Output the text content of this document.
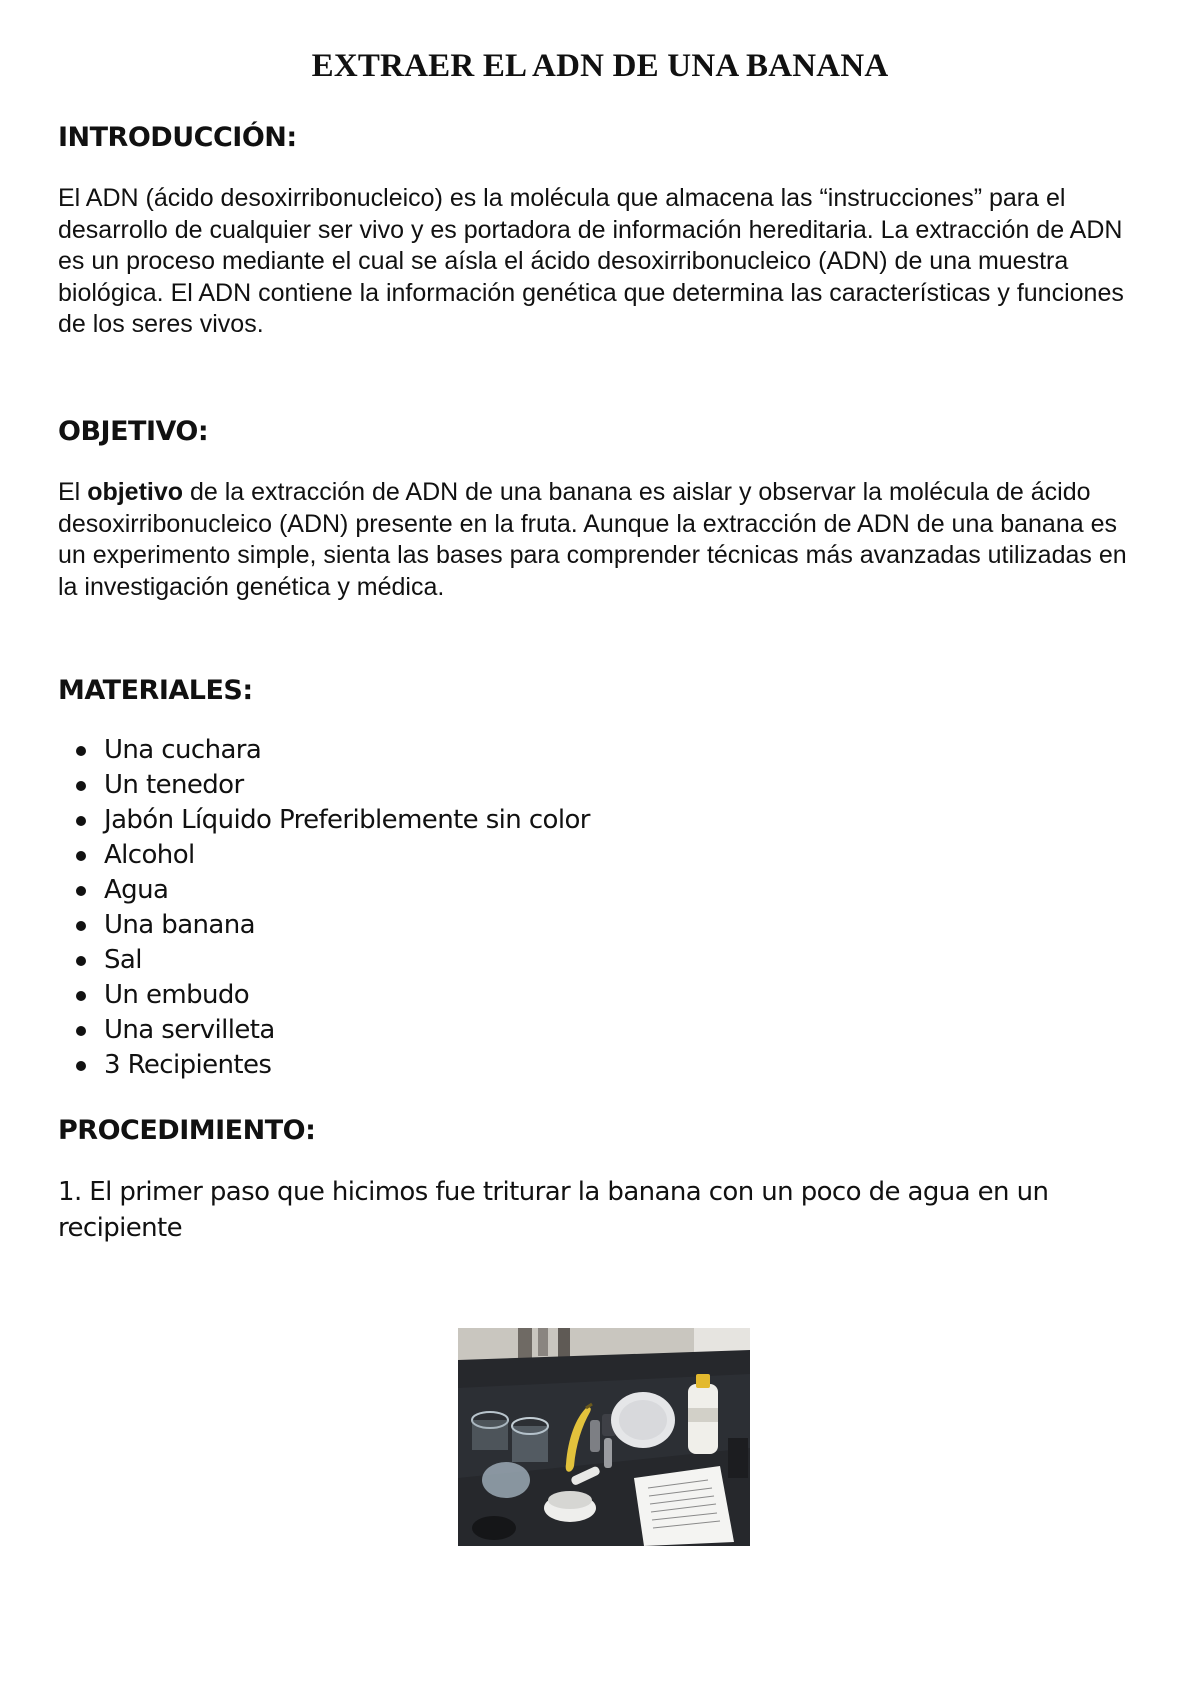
EXTRAER EL ADN DE UNA BANANA
INTRODUCCIÓN:

El ADN (ácido desoxirribonucleico) es la molécula que almacena las “instrucciones” para el desarrollo de cualquier ser vivo y es portadora de información hereditaria. La extracción de ADN es un proceso mediante el cual se aísla el ácido desoxirribonucleico (ADN) de una muestra biológica. El ADN contiene la información genética que determina las características y funciones de los seres vivos.

OBJETIVO:

El objetivo de la extracción de ADN de una banana es aislar y observar la molécula de ácido desoxirribonucleico (ADN) presente en la fruta. Aunque la extracción de ADN de una banana es un experimento simple, sienta las bases para comprender técnicas más avanzadas utilizadas en la investigación genética y médica.

MATERIALES:
Una cuchara
Un tenedor
Jabón Líquido Preferiblemente sin color
Alcohol
Agua
Una banana
Sal
Un embudo
Una servilleta
3 Recipientes
PROCEDIMIENTO:

1. El primer paso que hicimos fue triturar la banana con un poco de agua en un recipiente
